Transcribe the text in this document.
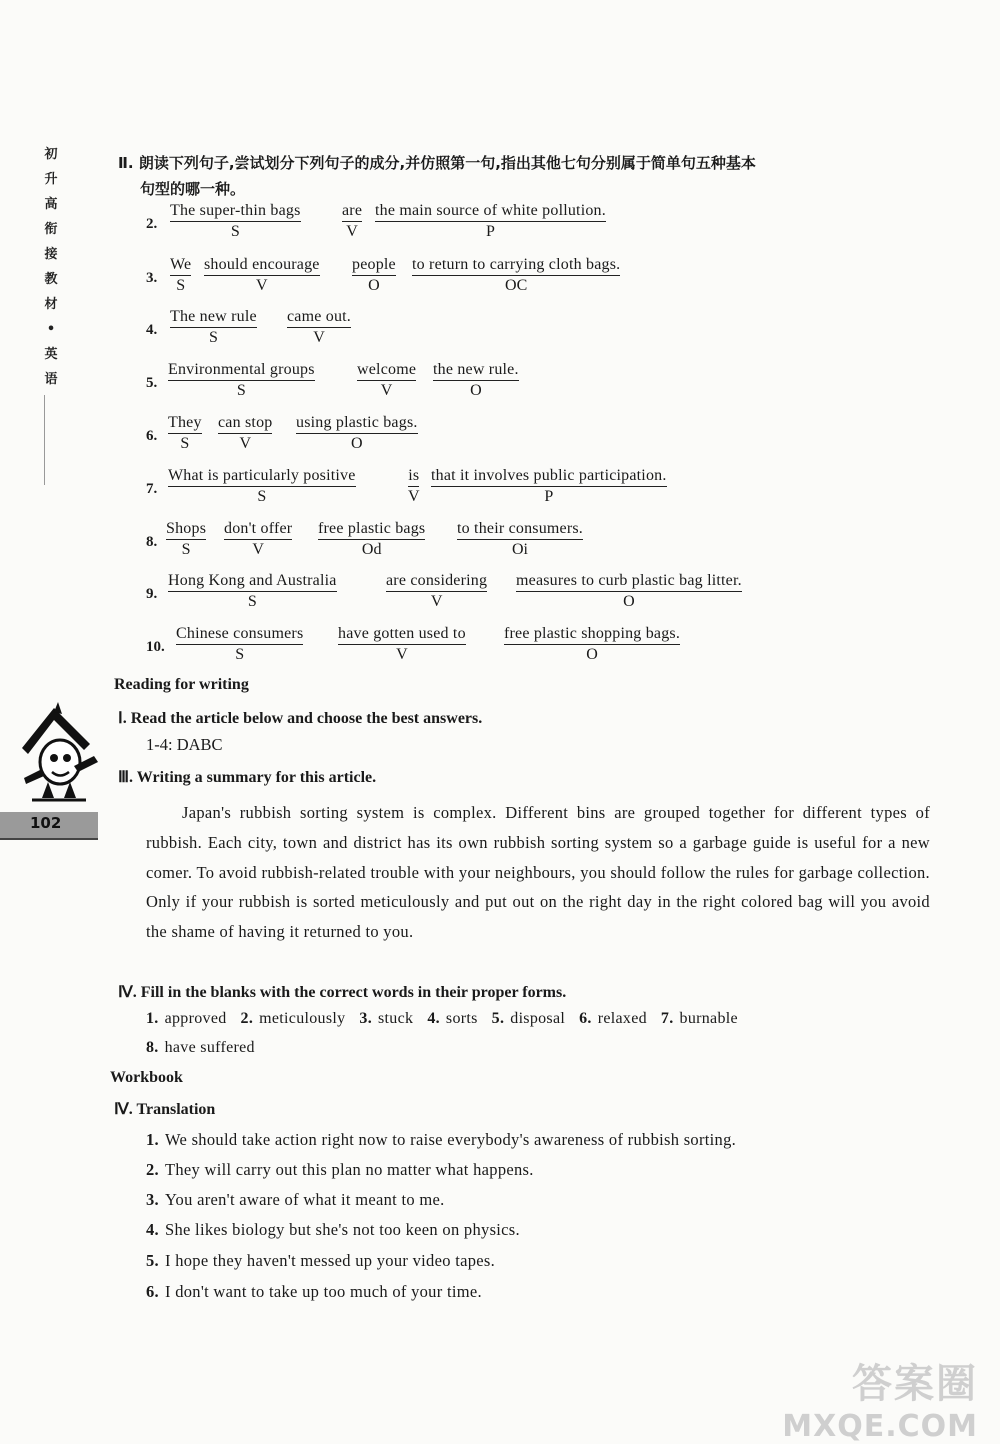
初
升
高
衔
接
教
材
•
英
语
102
Ⅱ. 朗读下列句子,尝试划分下列句子的成分,并仿照第一句,指出其他七句分别属于简单句五种基本
句型的哪一种。
2.
The super-thin bags
S
are
V
the main source of white pollution.
P
3.
We
S
should encourage
V
people
O
to return to carrying cloth bags.
OC
4.
The new rule
S
came out.
V
5.
Environmental groups
S
welcome
V
the new rule.
O
6.
They
S
can stop
V
using plastic bags.
O
7.
What is particularly positive
S
is
V
that it involves public participation.
P
8.
Shops
S
don't offer
V
free plastic bags
Od
to their consumers.
Oi
9.
Hong Kong and Australia
S
are considering
V
measures to curb plastic bag litter.
O
10.
Chinese consumers
S
have gotten used to
V
free plastic shopping bags.
O
Reading for writing
Ⅰ. Read the article below and choose the best answers.
1-4: DABC
Ⅲ. Writing a summary for this article.
Japan's rubbish sorting system is complex. Different bins are grouped together for different types of rubbish. Each city, town and district has its own rubbish sorting system so a garbage guide is useful for a new comer. To avoid rubbish-related trouble with your neighbours, you should follow the rules for garbage collection. Only if your rubbish is sorted meticulously and put out on the right day in the right colored bag will you avoid the shame of having it returned to you.
Ⅳ. Fill in the blanks with the correct words in their proper forms.
1. approved 2. meticulously 3. stuck 4. sorts 5. disposal 6. relaxed 7. burnable
8. have suffered
Workbook
Ⅳ. Translation
1. We should take action right now to raise everybody's awareness of rubbish sorting.
2. They will carry out this plan no matter what happens.
3. You aren't aware of what it meant to me.
4. She likes biology but she's not too keen on physics.
5. I hope they haven't messed up your video tapes.
6. I don't want to take up too much of your time.
答案圈
MXQE.COM
